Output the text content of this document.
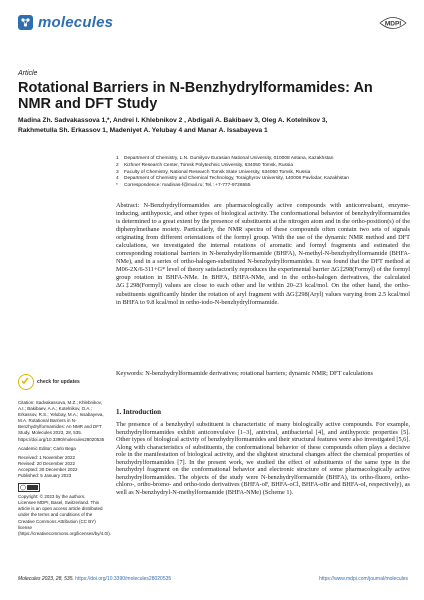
molecules	MDPI
Article
Rotational Barriers in N-Benzhydrylformamides: An NMR and DFT Study
Madina Zh. Sadvakassova 1,*, Andrei I. Khlebnikov 2 , Abdigali A. Bakibaev 3, Oleg A. Kotelnikov 3,
Rakhmetulla Sh. Erkassov 1, Madeniyet A. Yelubay 4 and Manar A. Issabayeva 1
1	Department of Chemistry, L.N. Gumilyov Eurasian National University, 010008 Astana, Kazakhstan
2	Kizhner Research Center, Tomsk Polytechnic University, 634050 Tomsk, Russia
3	Faculty of Chemistry, National Research Tomsk State University, 634050 Tomsk, Russia
4	Department of Chemistry and Chemical Technology, Toraighyrov University, 140008 Pavlodar, Kazakhstan
*	Correspondence: madinas-f@mail.ru; Tel.: +7-777-9726555

Abstract: N-Benzhydrylformamides are pharmacologically active compounds with anticonvulsant, enzyme-inducing, antihypoxic, and other types of biological activity. The conformational behavior of benzhydrylformamides is determined to a great extent by the presence of substituents at the nitrogen atom and in the ortho-position(s) of the diphenylmethane moiety. Particularly, the NMR spectra of these compounds often contain two sets of signals originating from different orientations of the formyl group. With the use of the dynamic NMR method and DFT calculations, we investigated the internal rotations of aromatic and formyl fragments and estimated the corresponding rotational barriers in N-benzhydrylformamide (BHFA), N-methyl-N-benzhydrylformamide (BHFA-NMe), and in a series of ortho-halogen-substituted N-benzhydrylformamides. It was found that the DFT method at M06-2X/6-311+G* level of theory satisfactorily reproduces the experimental barrier ΔG‡298(Formyl) of the formyl group rotation in BHFA-NMe. In BHFA, BHFA-NMe, and in the ortho-halogen derivatives, the calculated ΔG‡298(Formyl) values are close to each other and lie within 20–23 kcal/mol. On the other hand, the ortho-substituents significantly hinder the rotation of aryl fragment with ΔG‡298(Aryl) values varying from 2.5 kcal/mol in BHFA to 9.8 kcal/mol in ortho-iodo-N-benzhydrylformamide.

Keywords: N-benzhydrylformamide derivatives; rotational barriers; dynamic NMR; DFT calculations

check for updates

Citation: Sadvakassova, M.Z.; Khlebnikov, A.I.; Bakibaev, A.A.; Kotelnikov, O.A.; Erkassov, R.S.; Yelubay, M.A.; Issabayeva, M.A. Rotational Barriers in N-Benzhydrylformamides: An NMR and DFT Study. Molecules 2023, 28, 535. https://doi.org/10.3390/molecules28020535

Academic Editor: Carlo Bega

Received: 1 November 2022

Revised: 20 December 2022

Accepted: 30 December 2022

Published: 5 January 2023

Copyright: © 2023 by the authors. Licensee MDPI, Basel, Switzerland. This article is an open access article distributed under the terms and conditions of the Creative Commons Attribution (CC BY) license (https://creativecommons.org/licenses/by/4.0/).

1. Introduction

The presence of a benzhydryl substituent is characteristic of many biologically active compounds. For example, benzhydrylformamides exhibit anticonvulsive [1–3], antiviral, antibacterial [4], and antihypoxic properties [5]. Other types of biological activity of benzhydrylformamides and their structural features were also investigated [5,6]. Along with characteristics of substituents, the conformational behavior of these compounds often plays a decisive role in the manifestation of biological activity, and the slightest structural changes affect the chemical properties of benzhydrylformamides [7]. In the present work, we studied the effect of substituents of the same type in the benzhydryl fragment on the conformational behavior and electronic structure of some pharmacologically active benzhydrylformamides. The objects of the study were N-benzhydrylformamide (BHFA), its ortho-fluoro, ortho-chloro-, ortho-bromo- and ortho-iodo derivatives (BHFA-oF, BHFA-oCl, BHFA-oBr and BHFA-oI, respectively), as well as N-benzhydryl-N-methylformamide (BHFA-NMe) (Scheme 1).

Molecules 2023, 28, 535. https://doi.org/10.3390/molecules28020535	https://www.mdpi.com/journal/molecules
